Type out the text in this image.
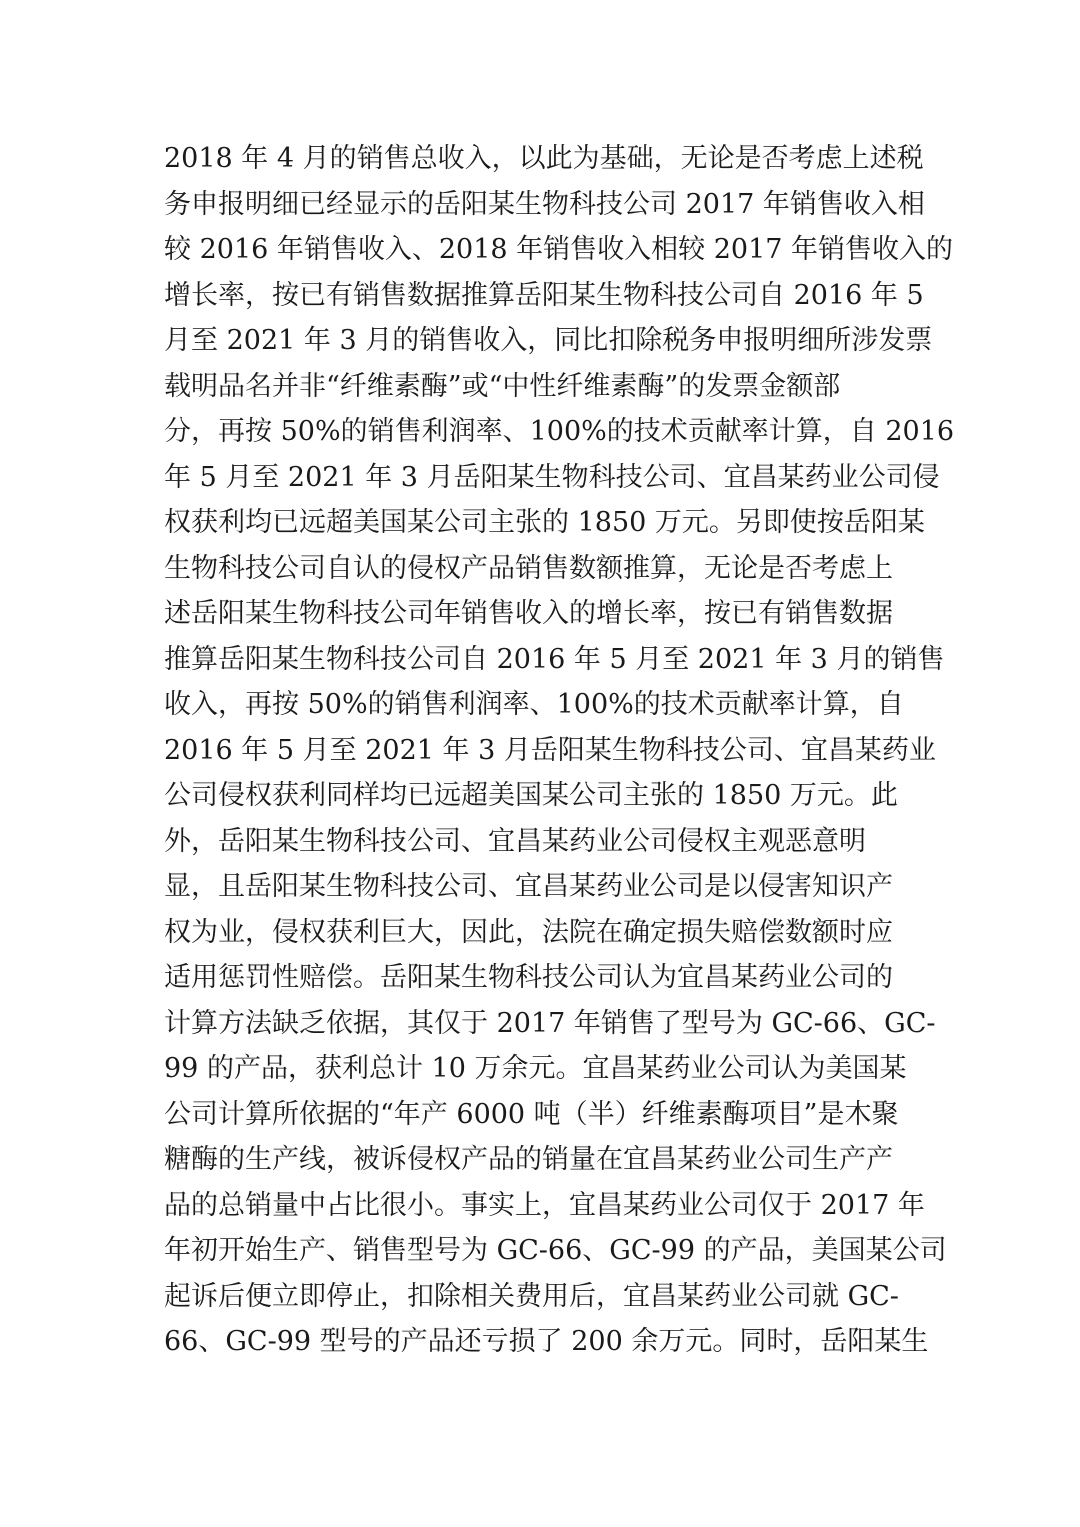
2018 年 4 月的销售总收入，以此为基础，无论是否考虑上述税
务申报明细已经显示的岳阳某生物科技公司 2017 年销售收入相
较 2016 年销售收入、2018 年销售收入相较 2017 年销售收入的
增长率，按已有销售数据推算岳阳某生物科技公司自 2016 年 5
月至 2021 年 3 月的销售收入，同比扣除税务申报明细所涉发票
载明品名并非“纤维素酶”或“中性纤维素酶”的发票金额部
分，再按 50%的销售利润率、100%的技术贡献率计算，自 2016
年 5 月至 2021 年 3 月岳阳某生物科技公司、宜昌某药业公司侵
权获利均已远超美国某公司主张的 1850 万元。另即使按岳阳某
生物科技公司自认的侵权产品销售数额推算，无论是否考虑上
述岳阳某生物科技公司年销售收入的增长率，按已有销售数据
推算岳阳某生物科技公司自 2016 年 5 月至 2021 年 3 月的销售
收入，再按 50%的销售利润率、100%的技术贡献率计算，自
2016 年 5 月至 2021 年 3 月岳阳某生物科技公司、宜昌某药业
公司侵权获利同样均已远超美国某公司主张的 1850 万元。此
外，岳阳某生物科技公司、宜昌某药业公司侵权主观恶意明
显，且岳阳某生物科技公司、宜昌某药业公司是以侵害知识产
权为业，侵权获利巨大，因此，法院在确定损失赔偿数额时应
适用惩罚性赔偿。岳阳某生物科技公司认为宜昌某药业公司的
计算方法缺乏依据，其仅于 2017 年销售了型号为 GC-66、GC-
99 的产品，获利总计 10 万余元。宜昌某药业公司认为美国某
公司计算所依据的“年产 6000 吨（半）纤维素酶项目”是木聚
糖酶的生产线，被诉侵权产品的销量在宜昌某药业公司生产产
品的总销量中占比很小。事实上，宜昌某药业公司仅于 2017 年
年初开始生产、销售型号为 GC-66、GC-99 的产品，美国某公司
起诉后便立即停止，扣除相关费用后，宜昌某药业公司就 GC-
66、GC-99 型号的产品还亏损了 200 余万元。同时，岳阳某生
